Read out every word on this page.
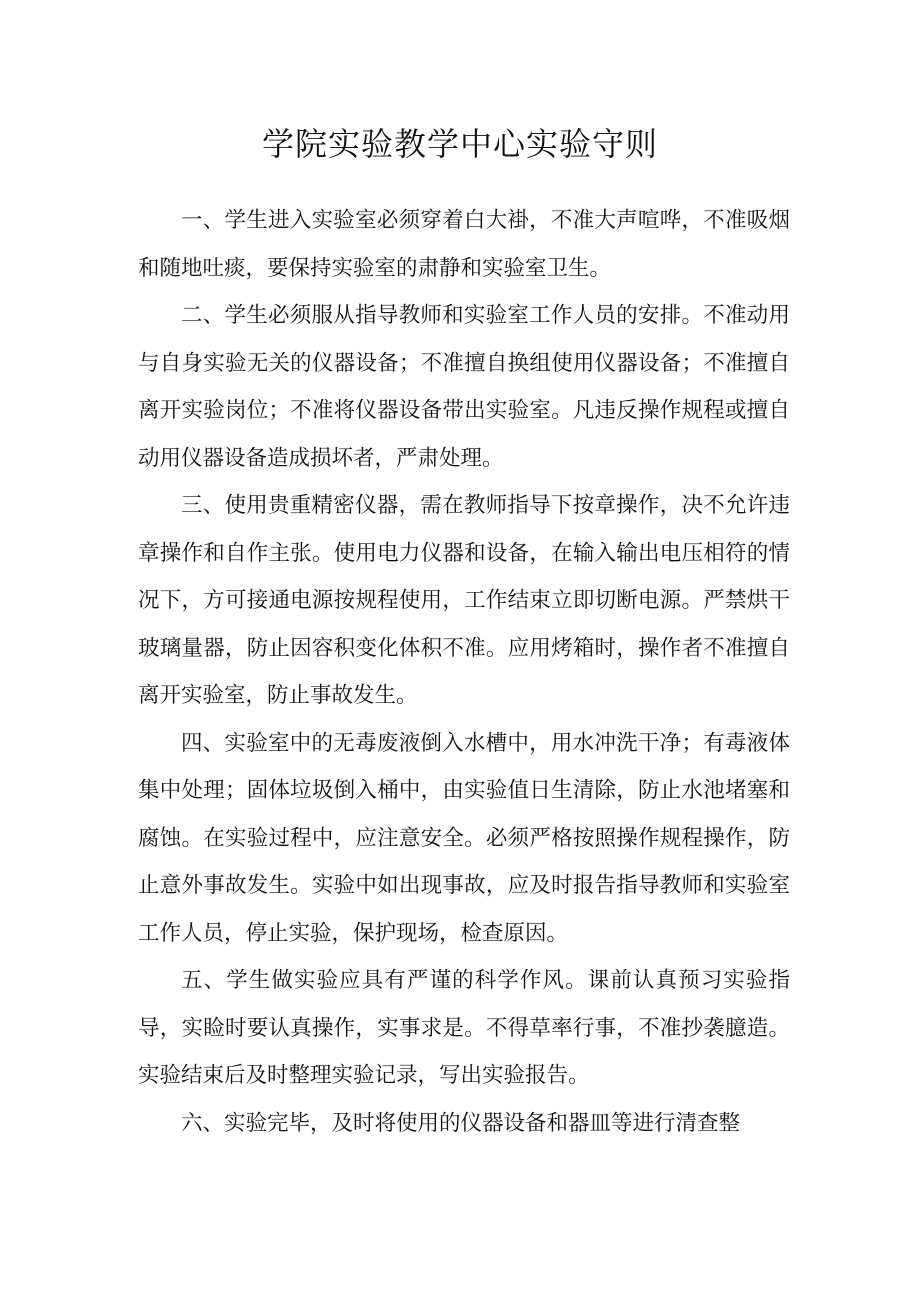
学院实验教学中心实验守则

一、学生进入实验室必须穿着白大褂，不准大声喧哗，不准吸烟和随地吐痰，要保持实验室的肃静和实验室卫生。

二、学生必须服从指导教师和实验室工作人员的安排。不准动用与自身实验无关的仪器设备；不准擅自换组使用仪器设备；不准擅自离开实验岗位；不准将仪器设备带出实验室。凡违反操作规程或擅自动用仪器设备造成损坏者，严肃处理。

三、使用贵重精密仪器，需在教师指导下按章操作，决不允许违章操作和自作主张。使用电力仪器和设备，在输入输出电压相符的情况下，方可接通电源按规程使用，工作结束立即切断电源。严禁烘干玻璃量器，防止因容积变化体积不准。应用烤箱时，操作者不准擅自离开实验室，防止事故发生。

四、实验室中的无毒废液倒入水槽中，用水冲洗干净；有毒液体集中处理；固体垃圾倒入桶中，由实验值日生清除，防止水池堵塞和腐蚀。在实验过程中，应注意安全。必须严格按照操作规程操作，防止意外事故发生。实验中如出现事故，应及时报告指导教师和实验室工作人员，停止实验，保护现场，检查原因。

五、学生做实验应具有严谨的科学作风。课前认真预习实验指导，实睑时要认真操作，实事求是。不得草率行事，不准抄袭臆造。实验结束后及时整理实验记录，写出实验报告。

六、实验完毕，及时将使用的仪器设备和器皿等进行清查整
